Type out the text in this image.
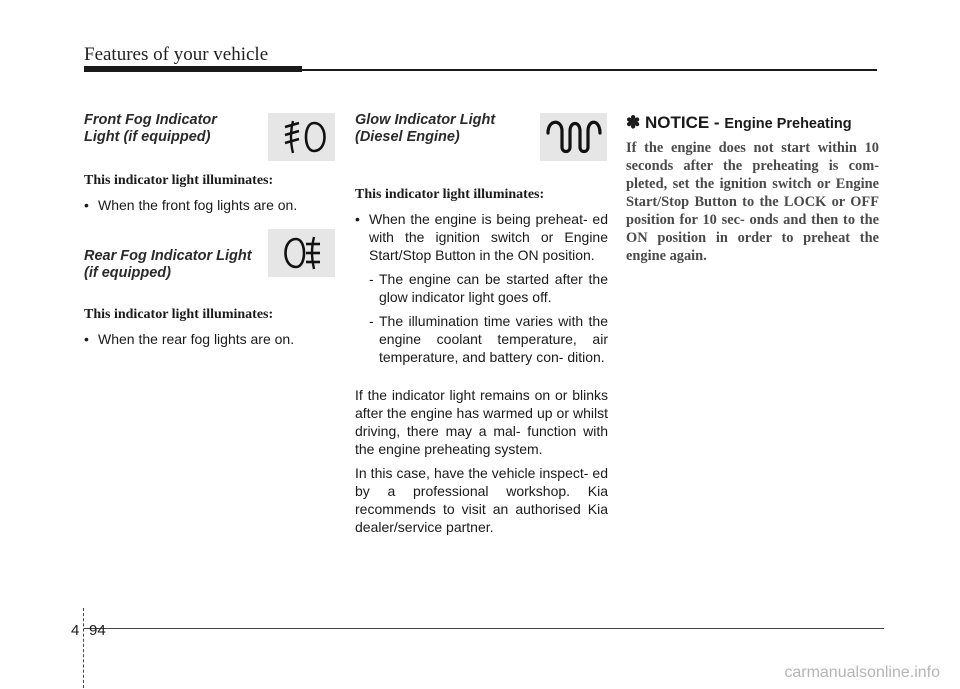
Features of your vehicle
Front Fog Indicator Light (if equipped)

This indicator light illuminates:

• When the front fog lights are on.

Rear Fog Indicator Light (if equipped)

This indicator light illuminates:

• When the rear fog lights are on.

Glow Indicator Light (Diesel Engine)

This indicator light illuminates:

• When the engine is being preheat- ed with the ignition switch or Engine Start/Stop Button in the ON position.

- The engine can be started after the glow indicator light goes off.

- The illumination time varies with the engine coolant temperature, air temperature, and battery con- dition.

If the indicator light remains on or blinks after the engine has warmed up or whilst driving, there may a mal- function with the engine preheating system.

In this case, have the vehicle inspect- ed by a professional workshop. Kia recommends to visit an authorised Kia dealer/service partner.

✽ NOTICE - Engine Preheating

If the engine does not start within 10 seconds after the preheating is com- pleted, set the ignition switch or Engine Start/Stop Button to the LOCK or OFF position for 10 sec- onds and then to the ON position in order to preheat the engine again.

4 94
carmanualsonline.info
